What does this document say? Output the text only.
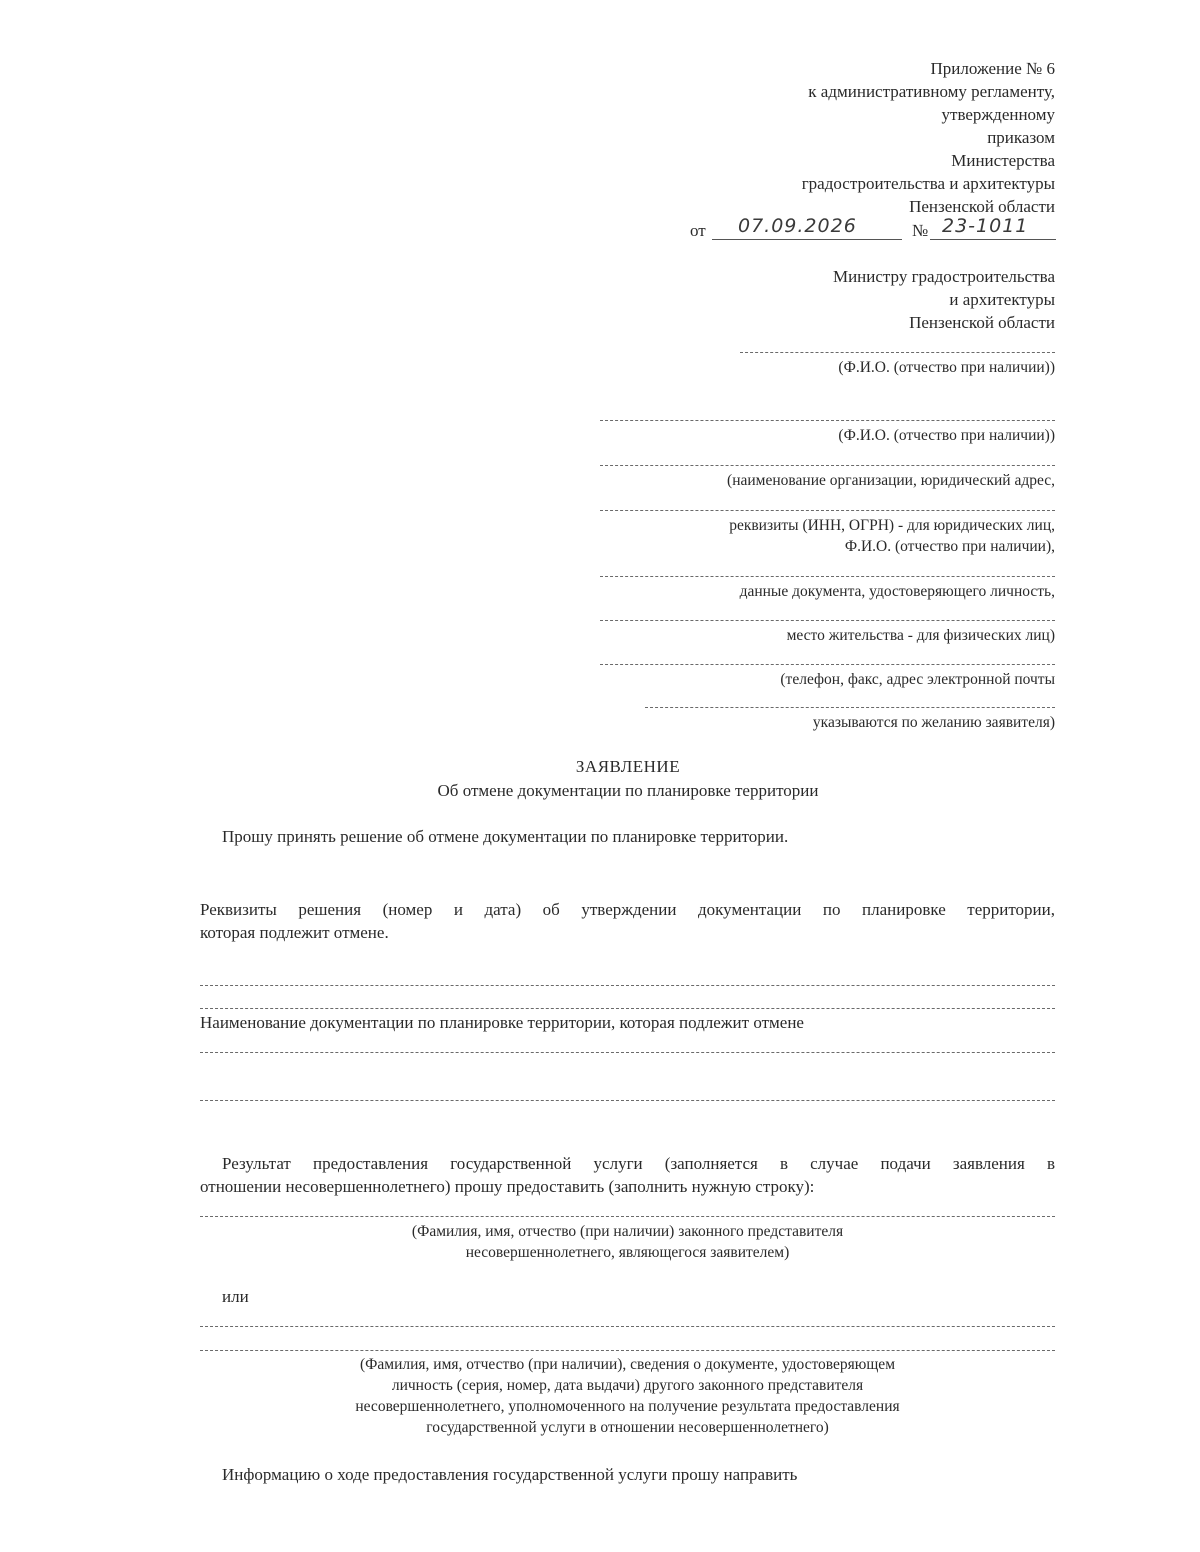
Приложение № 6
к административному регламенту,
утвержденному
приказом
Министерства
градостроительства и архитектуры
Пензенской области
от 07.09.2026	№ 23-1011
Министру градостроительства
и архитектуры
Пензенской области
(Ф.И.О. (отчество при наличии))
(Ф.И.О. (отчество при наличии))
(наименование организации, юридический адрес,
реквизиты (ИНН, ОГРН) - для юридических лиц,
Ф.И.О. (отчество при наличии),
данные документа, удостоверяющего личность,
место жительства - для физических лиц)
(телефон, факс, адрес электронной почты
указываются по желанию заявителя)
ЗАЯВЛЕНИЕ
Об отмене документации по планировке территории
Прошу принять решение об отмене документации по планировке территории.
Реквизиты решения (номер и дата) об утверждении документации по планировке территории,
которая подлежит отмене.
Наименование документации по планировке территории, которая подлежит отмене
Результат предоставления государственной услуги (заполняется в случае подачи заявления в
отношении несовершеннолетнего) прошу предоставить (заполнить нужную строку):
(Фамилия, имя, отчество (при наличии) законного представителя
несовершеннолетнего, являющегося заявителем)
или
(Фамилия, имя, отчество (при наличии), сведения о документе, удостоверяющем
личность (серия, номер, дата выдачи) другого законного представителя
несовершеннолетнего, уполномоченного на получение результата предоставления
государственной услуги в отношении несовершеннолетнего)
Информацию о ходе предоставления государственной услуги прошу направить
